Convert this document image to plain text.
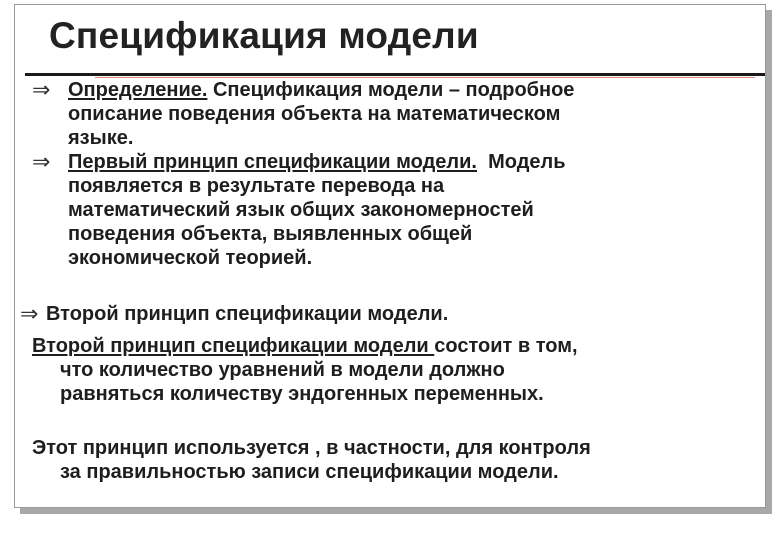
Спецификация модели
⇒ Определение. Спецификация модели – подробное
описание поведения объекта на математическом
языке.
⇒ Первый принцип спецификации модели.  Модель
появляется в результате перевода на
математический язык общих закономерностей
поведения объекта, выявленных общей
экономической теорией.
⇒ Второй принцип спецификации модели.
Второй принцип спецификации модели состоит в том,
что количество уравнений в модели должно
равняться количеству эндогенных переменных.
Этот принцип используется , в частности, для контроля
за правильностью записи спецификации модели.
